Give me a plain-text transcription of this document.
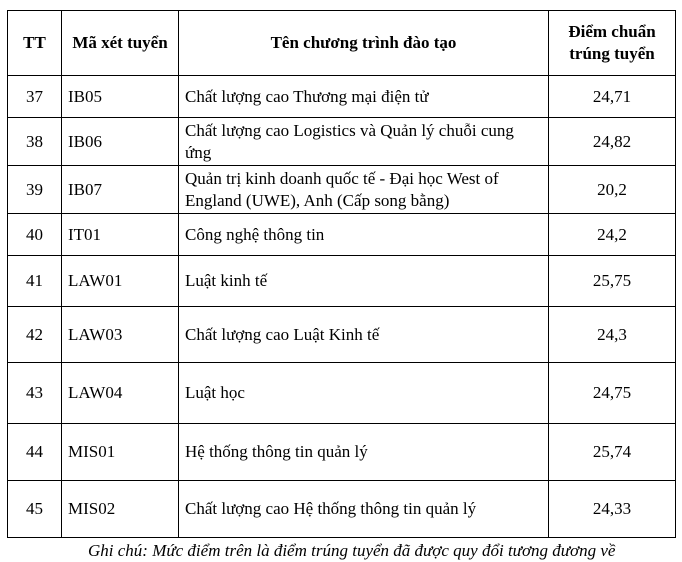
TT	Mã xét tuyển	Tên chương trình đào tạo	Điểm chuẩn trúng tuyển
37	IB05	Chất lượng cao Thương mại điện tử	24,71
38	IB06	Chất lượng cao Logistics và Quản lý chuỗi cung ứng	24,82
39	IB07	Quản trị kinh doanh quốc tế - Đại học West of England (UWE), Anh (Cấp song bằng)	20,2
40	IT01	Công nghệ thông tin	24,2
41	LAW01	Luật kinh tế	25,75
42	LAW03	Chất lượng cao Luật Kinh tế	24,3
43	LAW04	Luật học	24,75
44	MIS01	Hệ thống thông tin quản lý	25,74
45	MIS02	Chất lượng cao Hệ thống thông tin quản lý	24,33
Ghi chú: Mức điểm trên là điểm trúng tuyển đã được quy đổi tương đương về
